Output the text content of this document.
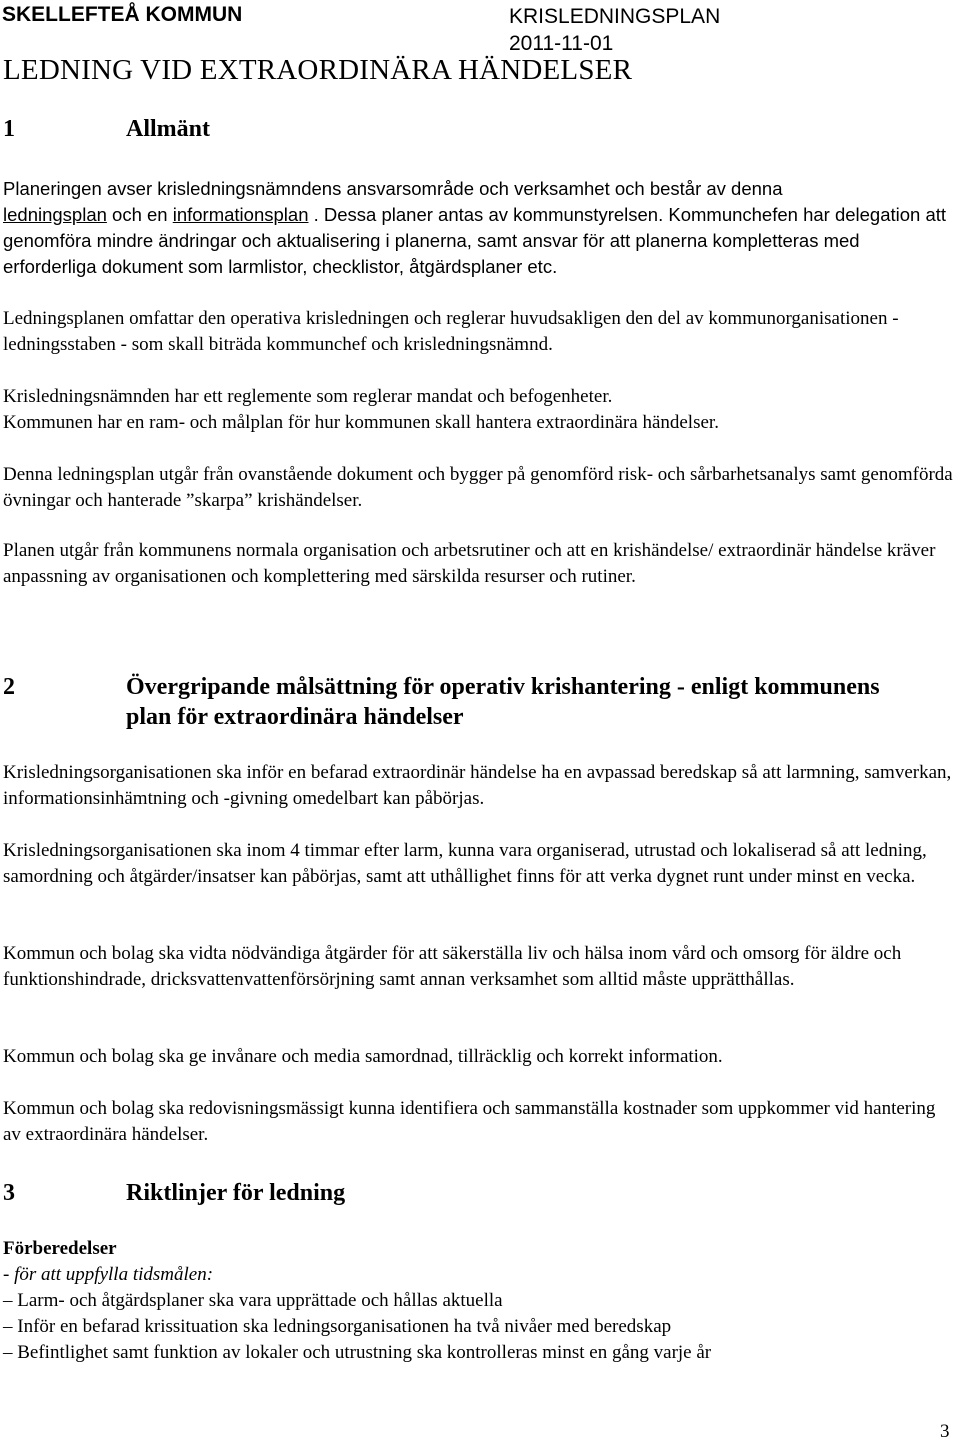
SKELLEFTEÅ KOMMUN	KRISLEDNINGSPLAN
2011-11-01
LEDNING VID EXTRAORDINÄRA HÄNDELSER
1	Allmänt

Planeringen avser krisledningsnämndens ansvarsområde och verksamhet och består av denna
ledningsplan och en informationsplan . Dessa planer antas av kommunstyrelsen. Kommunchefen har delegation att genomföra mindre ändringar och aktualisering i planerna, samt ansvar för att planerna kompletteras med erforderliga dokument som larmlistor, checklistor, åtgärdsplaner etc.

Ledningsplanen omfattar den operativa krisledningen och reglerar huvudsakligen den del av kommunorganisationen - ledningsstaben - som skall biträda kommunchef och krisledningsnämnd.

Krisledningsnämnden har ett reglemente som reglerar mandat och befogenheter.
Kommunen har en ram- och målplan för hur kommunen skall hantera extraordinära händelser.

Denna ledningsplan utgår från ovanstående dokument och bygger på genomförd risk- och sårbarhetsanalys samt genomförda övningar och hanterade ”skarpa” krishändelser.

Planen utgår från kommunens normala organisation och arbetsrutiner och att en krishändelse/ extraordinär händelse kräver anpassning av organisationen och komplettering med särskilda resurser och rutiner.

2	Övergripande målsättning för operativ krishantering - enligt kommunens
plan för extraordinära händelser

Krisledningsorganisationen ska inför en befarad extraordinär händelse ha en avpassad beredskap så att larmning, samverkan, informationsinhämtning och -givning omedelbart kan påbörjas.

Krisledningsorganisationen ska inom 4 timmar efter larm, kunna vara organiserad, utrustad och lokaliserad så att ledning, samordning och åtgärder/insatser kan påbörjas, samt att uthållighet finns för att verka dygnet runt under minst en vecka.

Kommun och bolag ska vidta nödvändiga åtgärder för att säkerställa liv och hälsa inom vård och omsorg för äldre och funktionshindrade, dricksvattenvattenförsörjning samt annan verksamhet som alltid måste upprätthållas.

Kommun och bolag ska ge invånare och media samordnad, tillräcklig och korrekt information.

Kommun och bolag ska redovisningsmässigt kunna identifiera och sammanställa kostnader som uppkommer vid hantering av extraordinära händelser.

3	Riktlinjer för ledning
Förberedelser
- för att uppfylla tidsmålen:
– Larm- och åtgärdsplaner ska vara upprättade och hållas aktuella
– Inför en befarad krissituation ska ledningsorganisationen ha två nivåer med beredskap
– Befintlighet samt funktion av lokaler och utrustning ska kontrolleras minst en gång varje år
3
